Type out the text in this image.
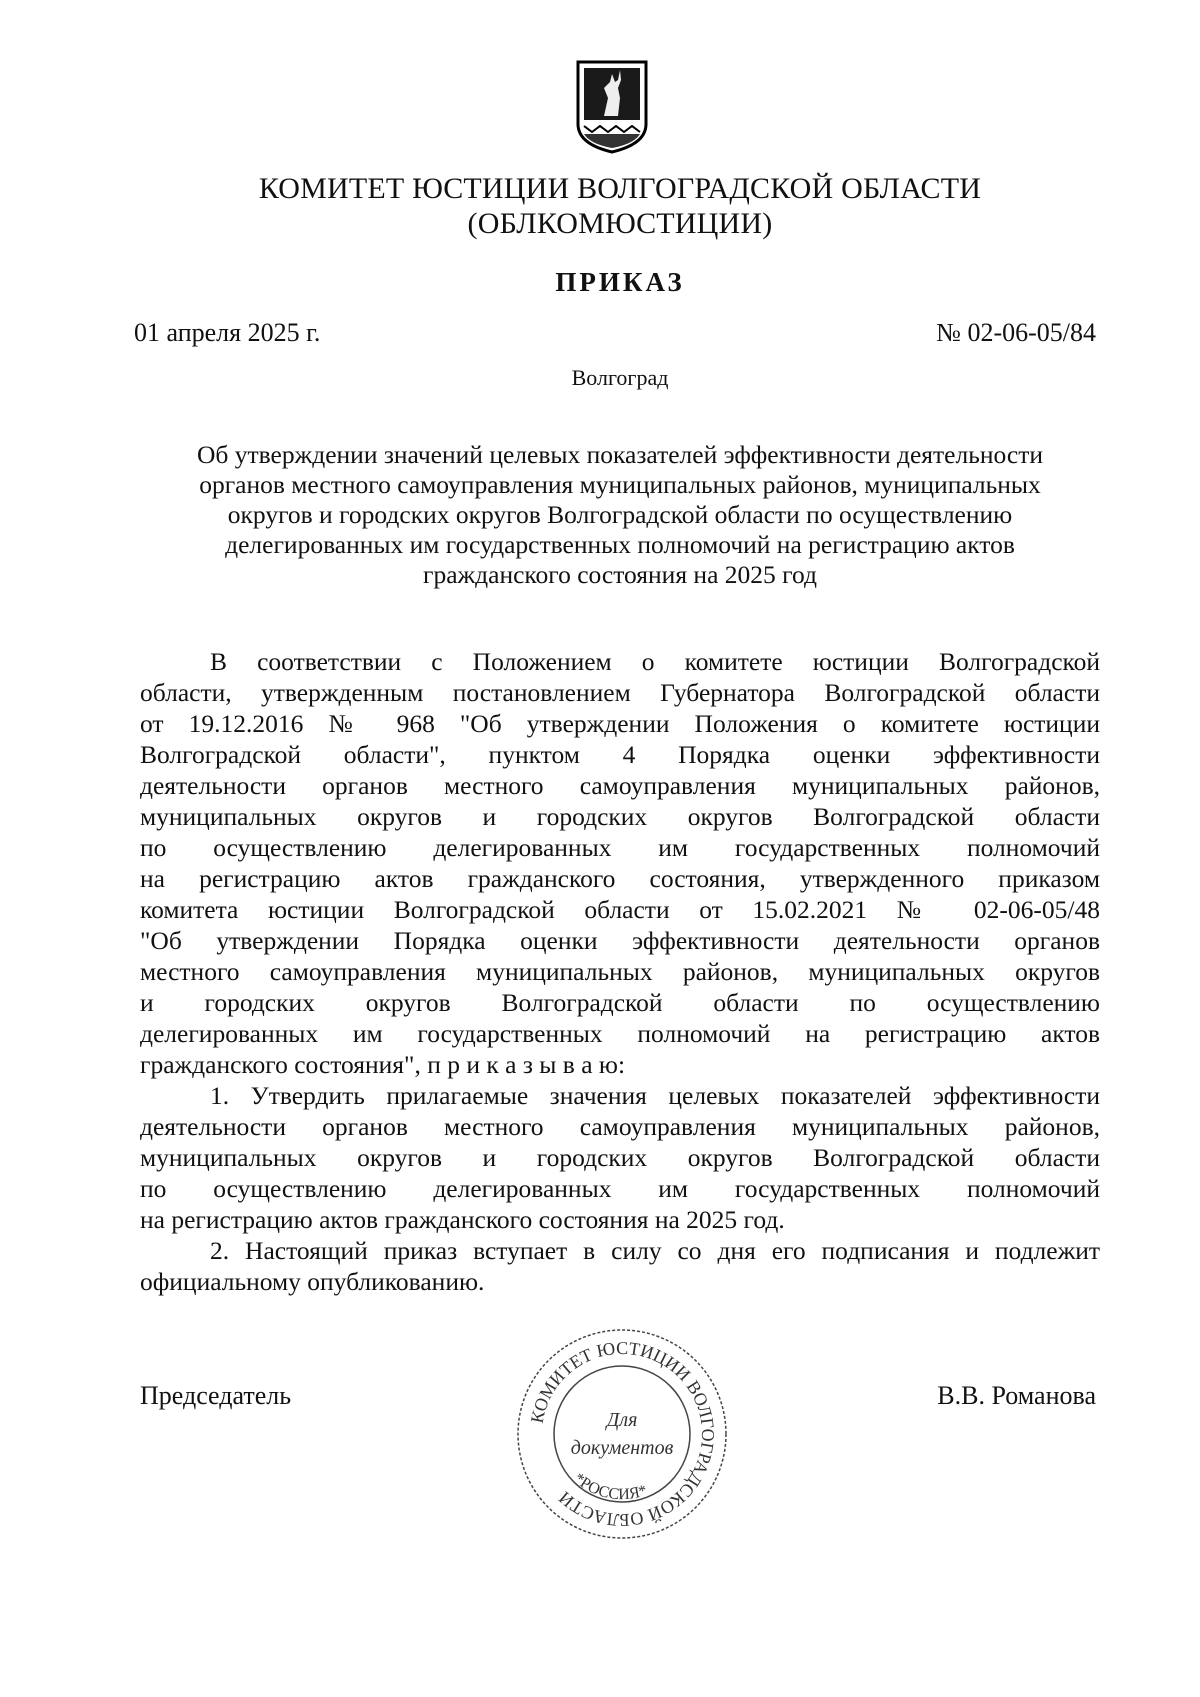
КОМИТЕТ ЮСТИЦИИ ВОЛГОГРАДСКОЙ ОБЛАСТИ
(ОБЛКОМЮСТИЦИИ)
ПРИКАЗ
01 апреля 2025 г.	№ 02-06-05/84
Волгоград
Об утверждении значений целевых показателей эффективности деятельности
органов местного самоуправления муниципальных районов, муниципальных
округов и городских округов Волгоградской области по осуществлению
делегированных им государственных полномочий на регистрацию актов
гражданского состояния на 2025 год
В соответствии с Положением о комитете юстиции Волгоградской
области, утвержденным постановлением Губернатора Волгоградской области
от 19.12.2016 № 968 "Об утверждении Положения о комитете юстиции
Волгоградской области", пунктом 4 Порядка оценки эффективности
деятельности органов местного самоуправления муниципальных районов,
муниципальных округов и городских округов Волгоградской области
по осуществлению делегированных им государственных полномочий
на регистрацию актов гражданского состояния, утвержденного приказом
комитета юстиции Волгоградской области от 15.02.2021 № 02-06-05/48
"Об утверждении Порядка оценки эффективности деятельности органов
местного самоуправления муниципальных районов, муниципальных округов
и городских округов Волгоградской области по осуществлению
делегированных им государственных полномочий на регистрацию актов
гражданского состояния", п р и к а з ы в а ю:
1. Утвердить прилагаемые значения целевых показателей эффективности
деятельности органов местного самоуправления муниципальных районов,
муниципальных округов и городских округов Волгоградской области
по осуществлению делегированных им государственных полномочий
на регистрацию актов гражданского состояния на 2025 год.
2. Настоящий приказ вступает в силу со дня его подписания и подлежит
официальному опубликованию.
Председатель	В.В. Романова
КОМИТЕТ ЮСТИЦИИ ВОЛГОГРАДСКОЙ ОБЛАСТИ
*РОССИЯ*
Для
документов
